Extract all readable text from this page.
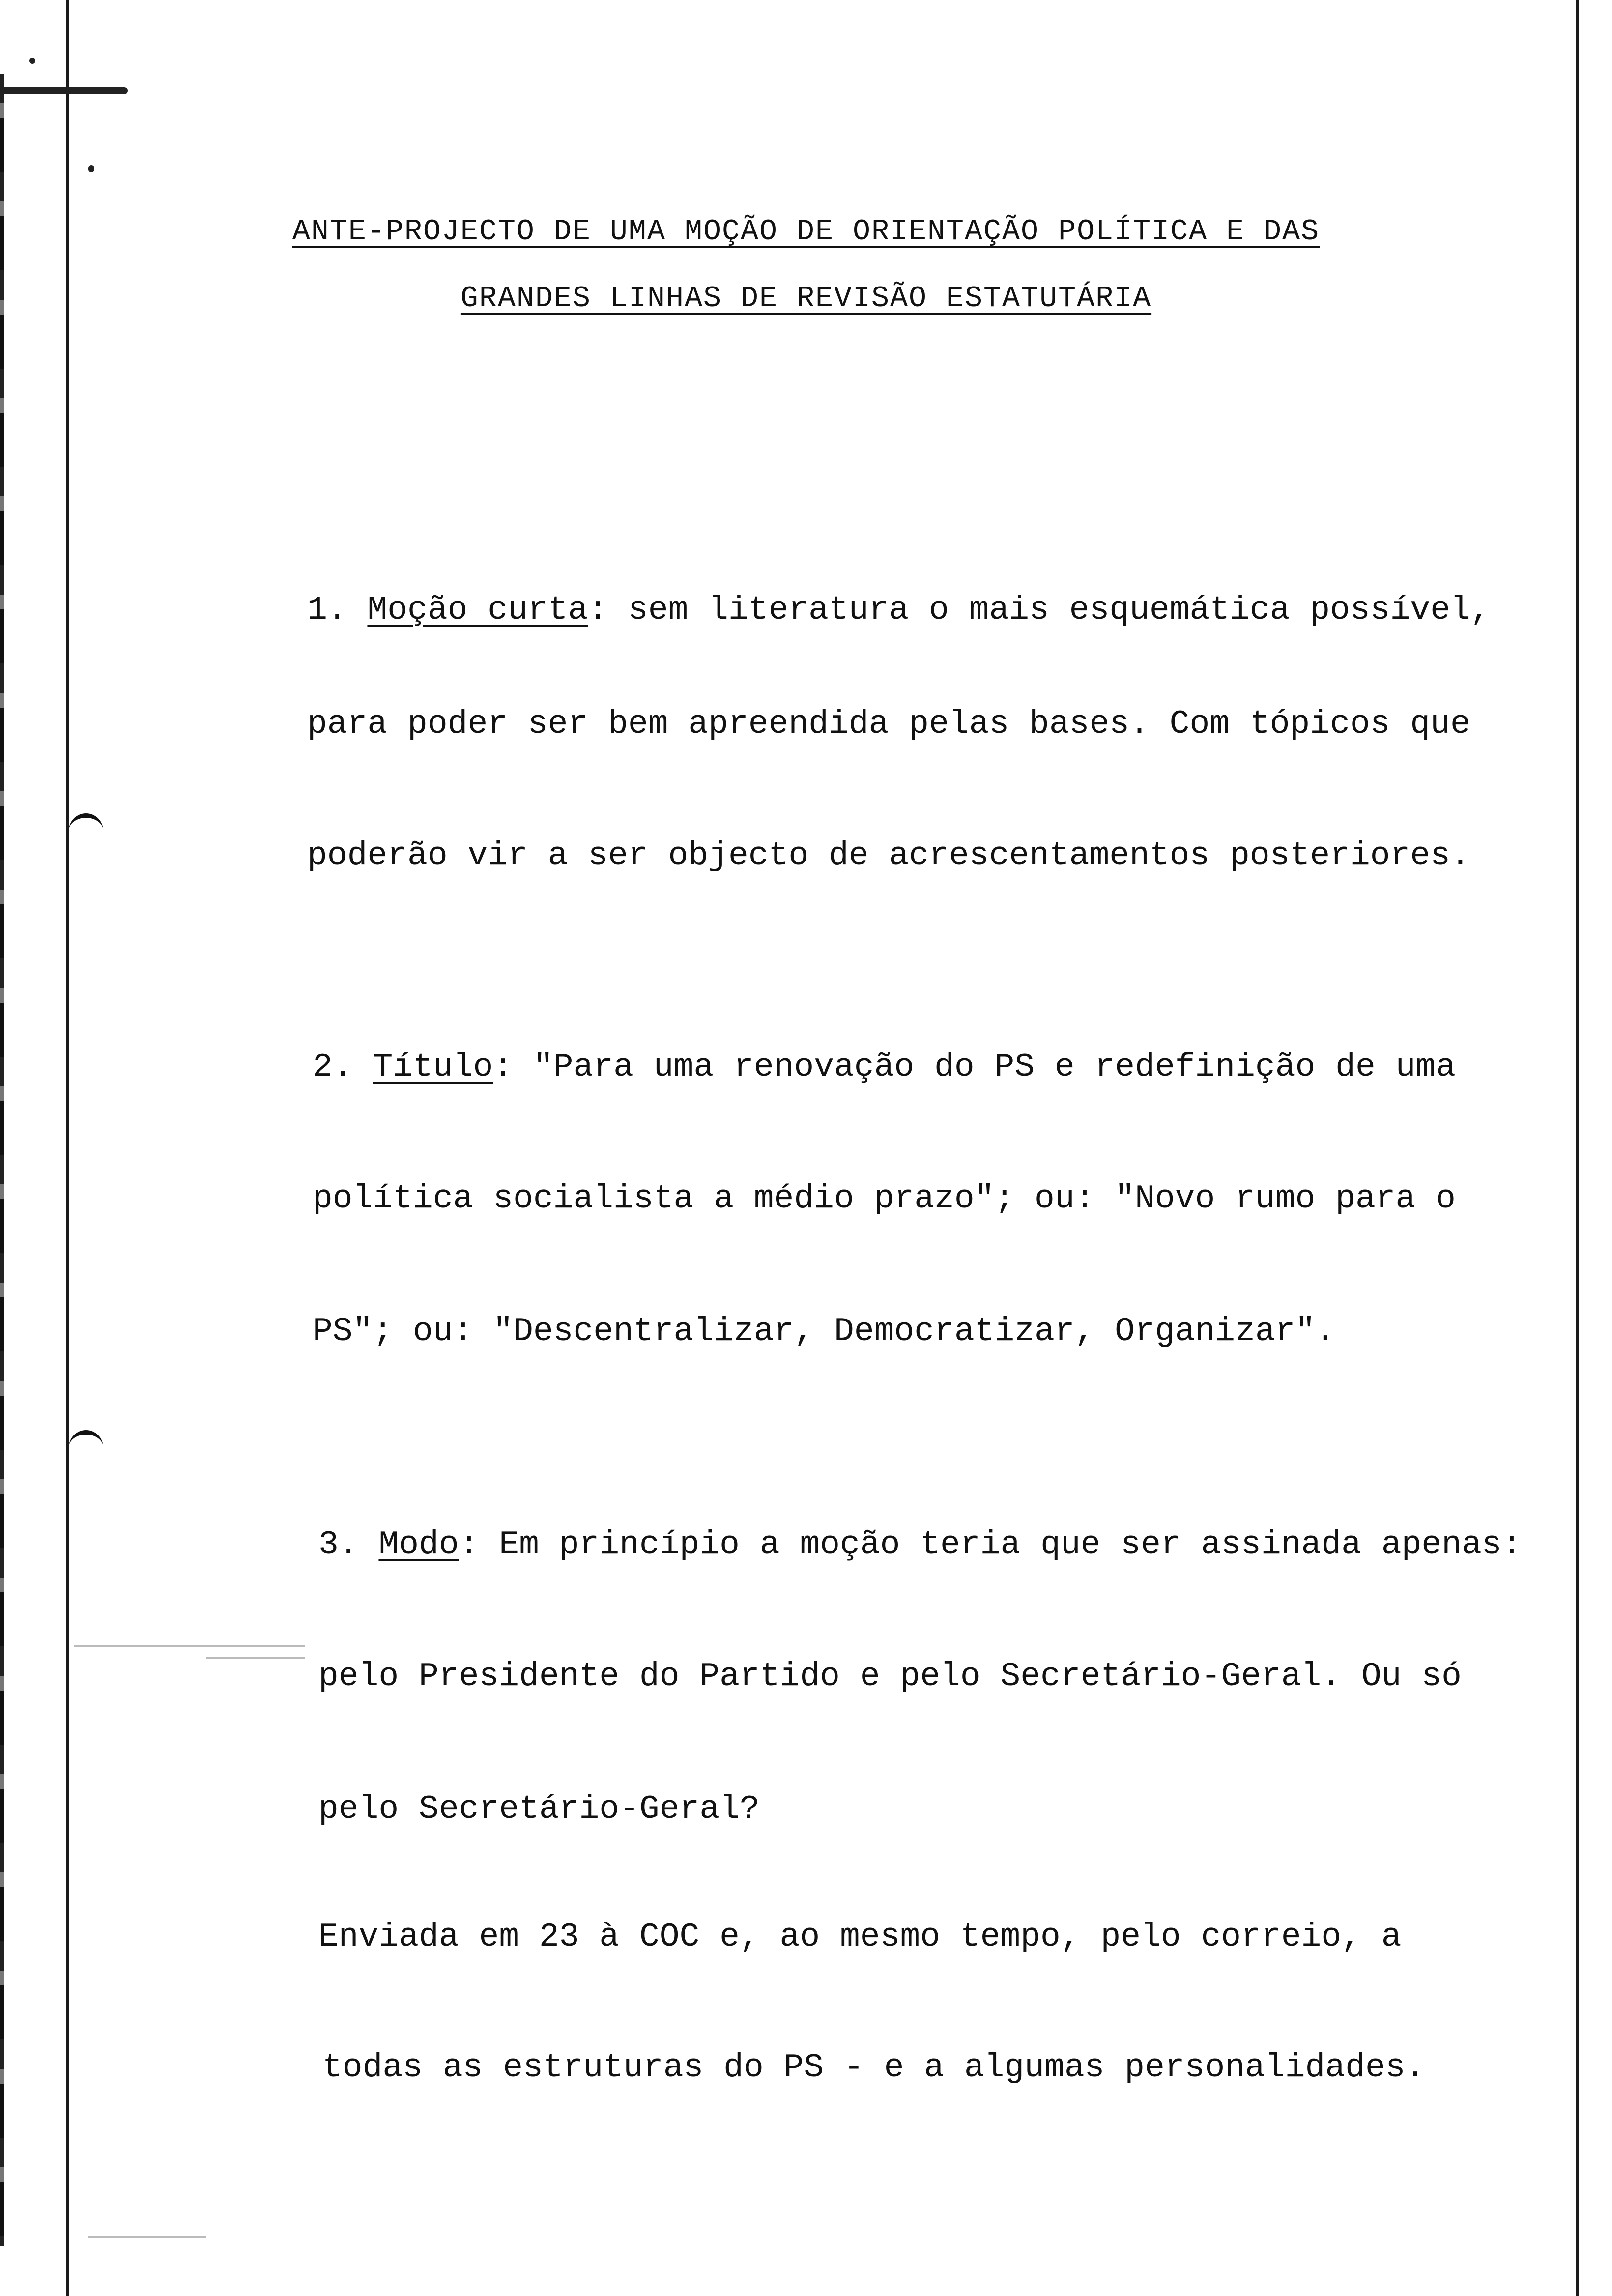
ANTE-PROJECTO DE UMA MOÇÃO DE ORIENTAÇÃO POLÍTICA E DAS
GRANDES LINHAS DE REVISÃO ESTATUTÁRIA
1. Moção curta: sem literatura o mais esquemática possível,
para poder ser bem apreendida pelas bases. Com tópicos que
poderão vir a ser objecto de acrescentamentos posteriores.
2. Título: "Para uma renovação do PS e redefinição de uma
política socialista a médio prazo"; ou: "Novo rumo para o
PS"; ou: "Descentralizar, Democratizar, Organizar".
3. Modo: Em princípio a moção teria que ser assinada apenas:
pelo Presidente do Partido e pelo Secretário-Geral. Ou só
pelo Secretário-Geral?
Enviada em 23 à COC e, ao mesmo tempo, pelo correio, a
todas as estruturas do PS - e a algumas personalidades.
